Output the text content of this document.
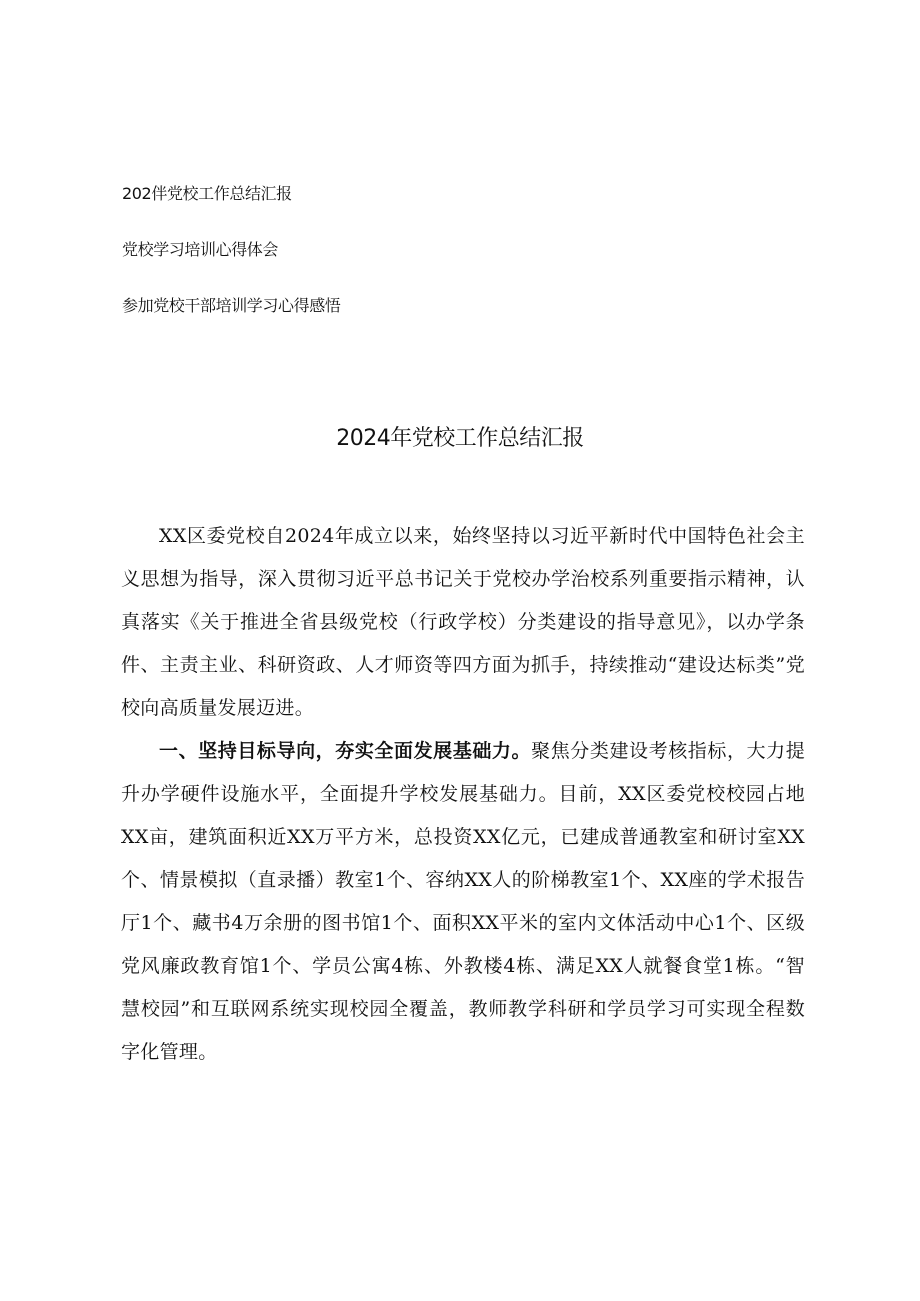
202伴党校工作总结汇报
党校学习培训心得体会
参加党校干部培训学习心得感悟
2024年党校工作总结汇报

XX区委党校自2024年成立以来，始终坚持以习近平新时代中国特色社会主义思想为指导，深入贯彻习近平总书记关于党校办学治校系列重要指示精神，认真落实《关于推进全省县级党校（行政学校）分类建设的指导意见》，以办学条件、主责主业、科研资政、人才师资等四方面为抓手，持续推动“建设达标类”党校向高质量发展迈进。

一、坚持目标导向，夯实全面发展基础力。聚焦分类建设考核指标，大力提升办学硬件设施水平，全面提升学校发展基础力。目前，XX区委党校校园占地XX亩，建筑面积近XX万平方米，总投资XX亿元，已建成普通教室和研讨室XX个、情景模拟（直录播）教室1个、容纳XX人的阶梯教室1个、XX座的学术报告厅1个、藏书4万余册的图书馆1个、面积XX平米的室内文体活动中心1个、区级党风廉政教育馆1个、学员公寓4栋、外教楼4栋、满足XX人就餐食堂1栋。“智慧校园”和互联网系统实现校园全覆盖，教师教学科研和学员学习可实现全程数字化管理。
